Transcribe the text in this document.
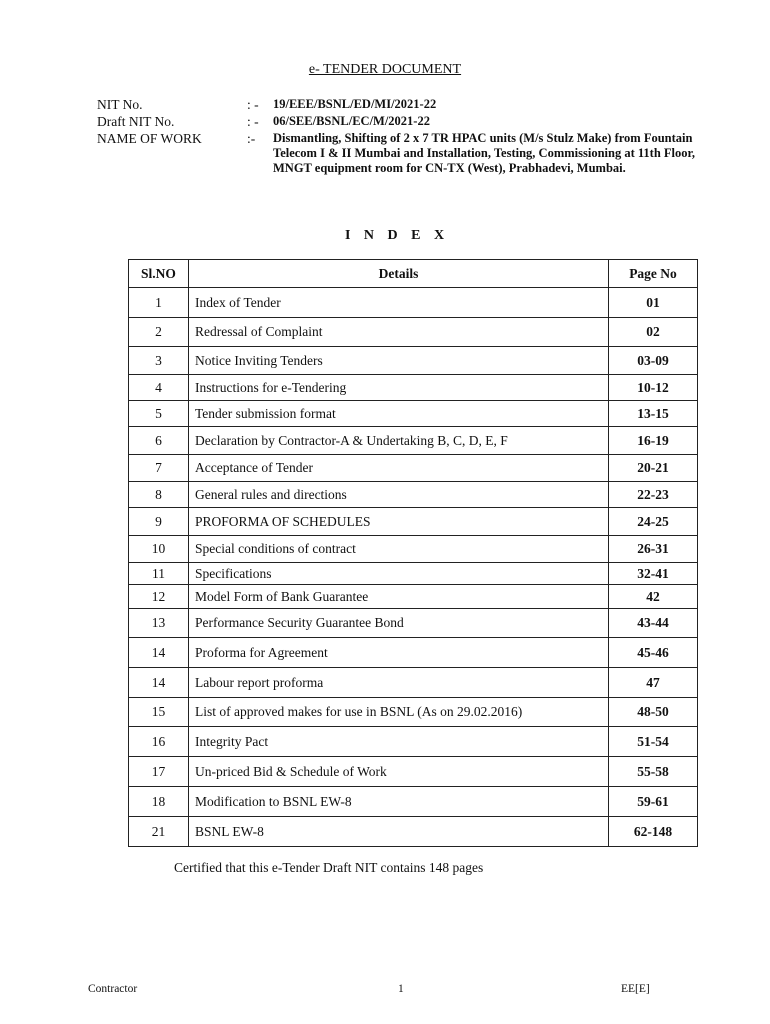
e- TENDER DOCUMENT
NIT No.	: -	19/EEE/BSNL/ED/MI/2021-22
Draft NIT No.	: -	06/SEE/BSNL/EC/M/2021-22
NAME OF WORK	:-	Dismantling, Shifting of 2 x 7 TR HPAC units (M/s Stulz Make) from Fountain Telecom I & II Mumbai and Installation, Testing, Commissioning at 11th Floor, MNGT equipment room for CN-TX (West), Prabhadevi, Mumbai.
I N D E X
Sl.NO	Details	Page No
1	Index of Tender	01
2	Redressal of Complaint	02
3	Notice Inviting Tenders	03-09
4	Instructions for e-Tendering	10-12
5	Tender submission format	13-15
6	Declaration by Contractor-A & Undertaking B, C, D, E, F	16-19
7	Acceptance of Tender	20-21
8	General rules and directions	22-23
9	PROFORMA OF SCHEDULES	24-25
10	Special conditions of contract	26-31
11	Specifications	32-41
12	Model Form of Bank Guarantee	42
13	Performance Security Guarantee Bond	43-44
14	Proforma for Agreement	45-46
14	Labour report proforma	47
15	List of approved makes for use in BSNL (As on 29.02.2016)	48-50
16	Integrity Pact	51-54
17	Un-priced Bid & Schedule of Work	55-58
18	Modification to BSNL EW-8	59-61
21	BSNL EW-8	62-148
Certified that this e-Tender Draft NIT contains 148 pages
Contractor	1	EE[E]
